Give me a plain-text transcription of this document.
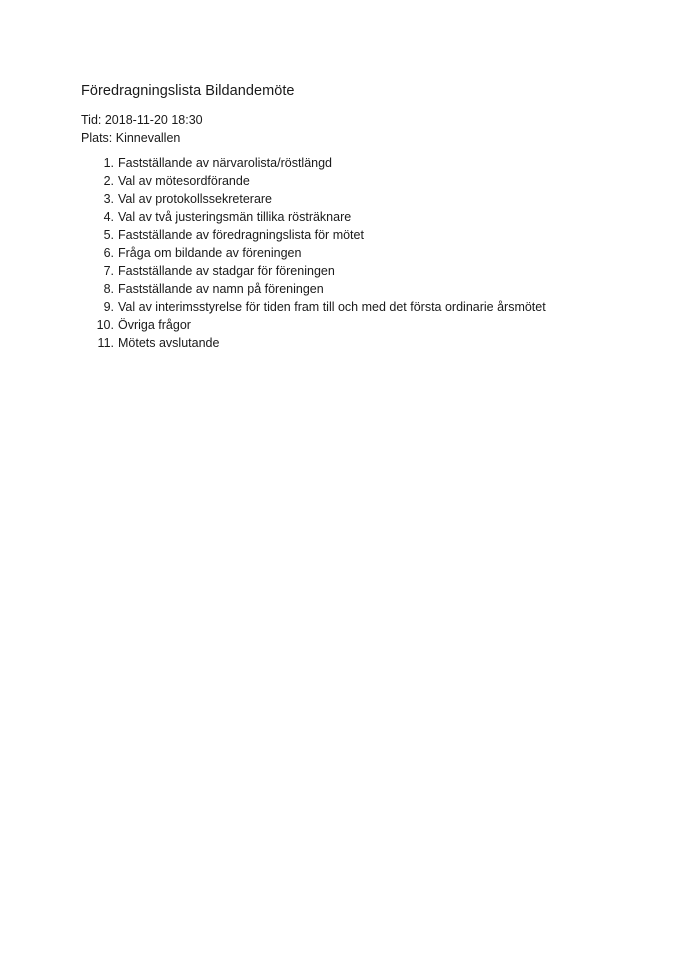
Föredragningslista Bildandemöte
Tid: 2018-11-20 18:30
Plats: Kinnevallen
1. Fastställande av närvarolista/röstlängd
2. Val av mötesordförande
3. Val av protokollssekreterare
4. Val av två justeringsmän tillika rösträknare
5. Fastställande av föredragningslista för mötet
6. Fråga om bildande av föreningen
7. Fastställande av stadgar för föreningen
8. Fastställande av namn på föreningen
9. Val av interimsstyrelse för tiden fram till och med det första ordinarie årsmötet
10. Övriga frågor
11. Mötets avslutande
